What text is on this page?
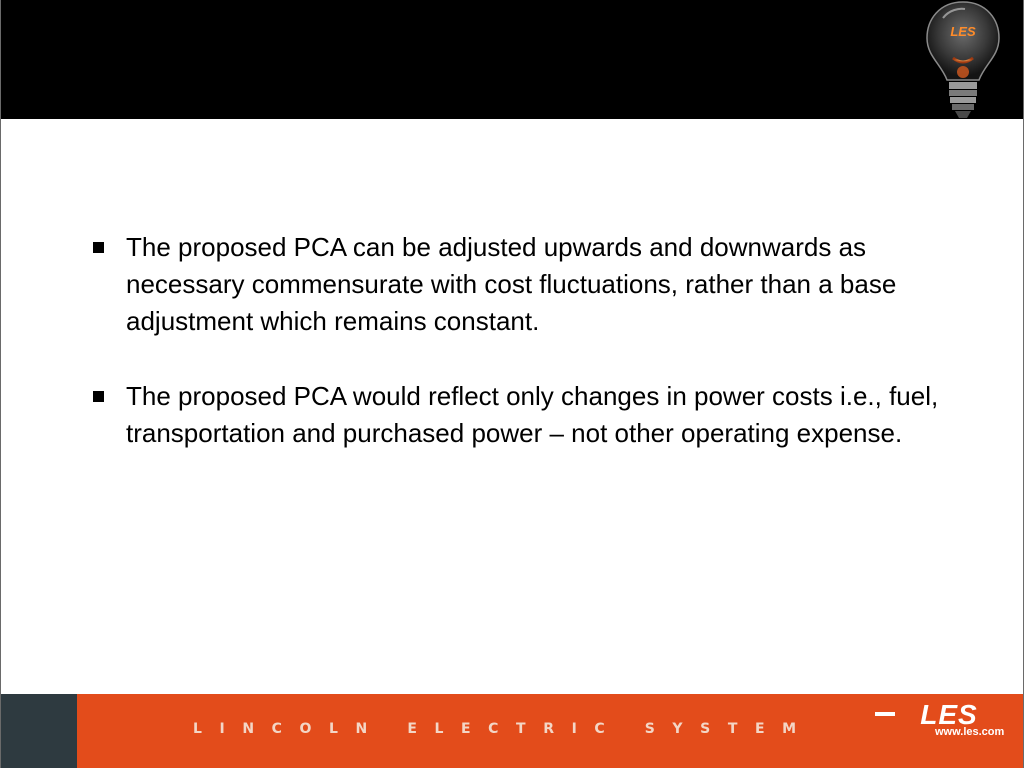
LES

The proposed PCA can be adjusted upwards and downwards as necessary commensurate with cost fluctuations, rather than a base adjustment which remains constant.

The proposed PCA would reflect only changes in power costs i.e., fuel, transportation and purchased power – not other operating expense.

LINCOLN ELECTRIC SYSTEM	LES
www.les.com
